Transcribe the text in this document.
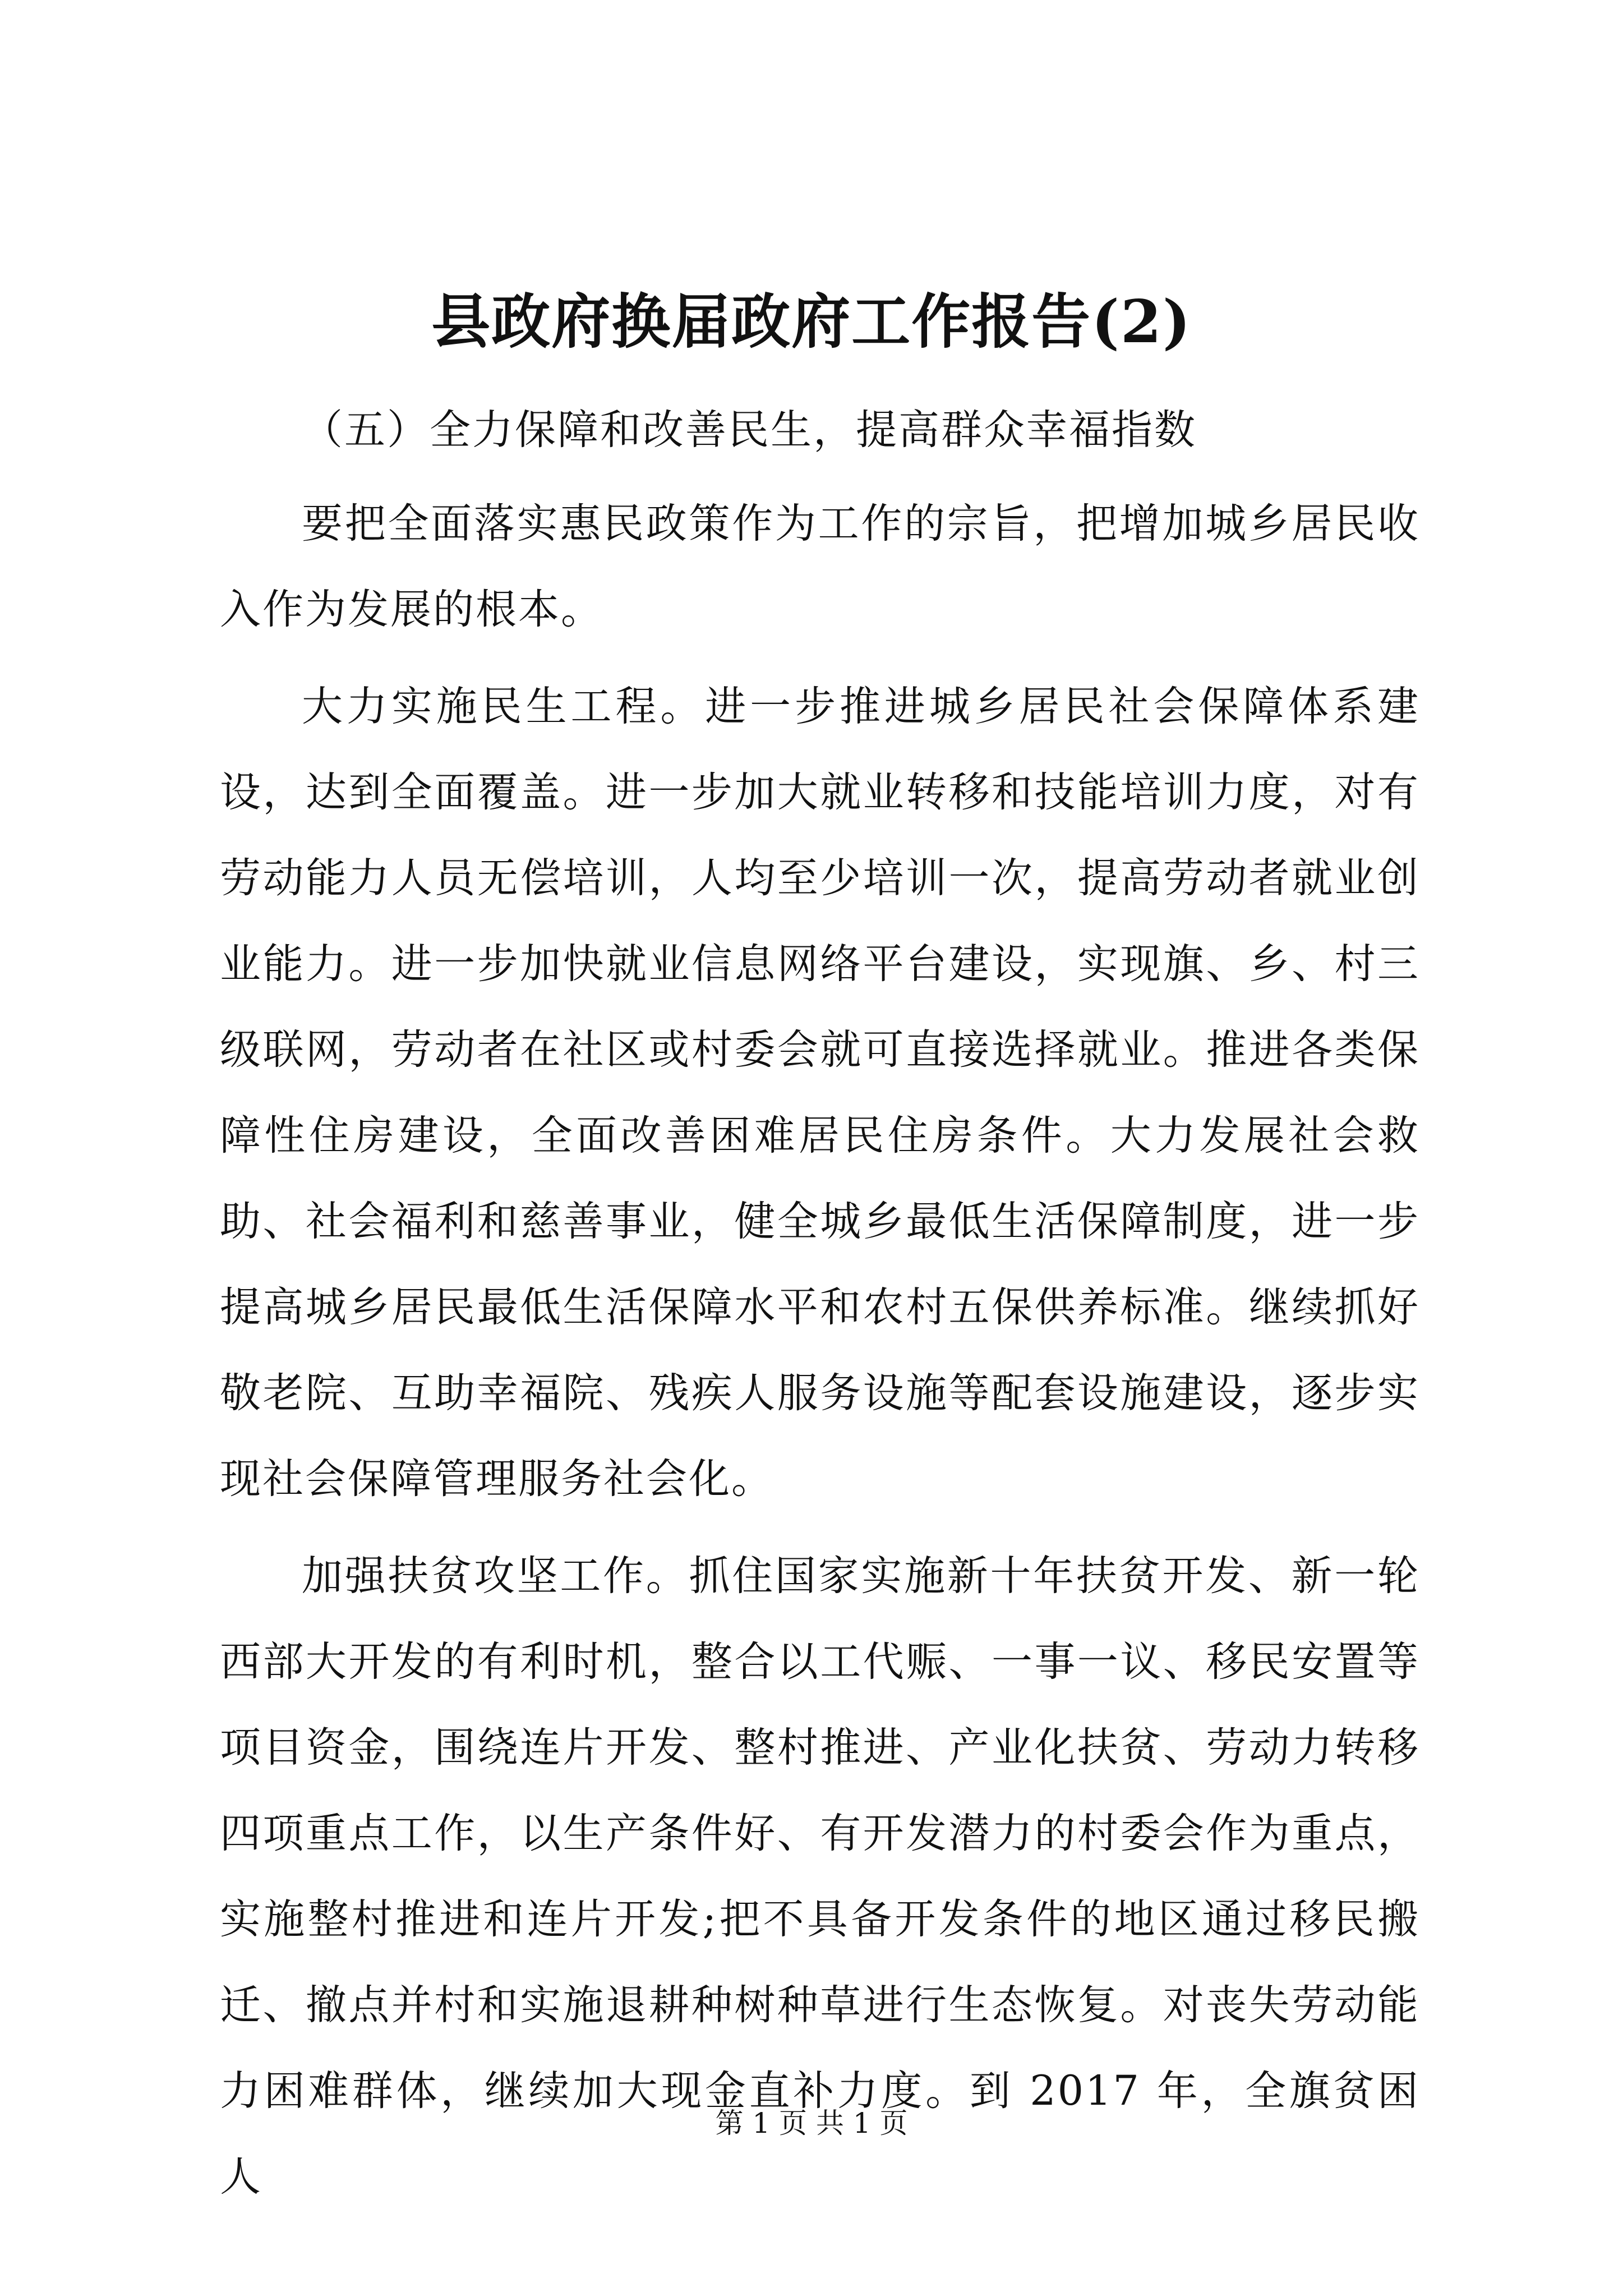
县政府换届政府工作报告(2)

（五）全力保障和改善民生，提高群众幸福指数

要把全面落实惠民政策作为工作的宗旨，把增加城乡居民收入作为发展的根本。

大力实施民生工程。进一步推进城乡居民社会保障体系建设，达到全面覆盖。进一步加大就业转移和技能培训力度，对有劳动能力人员无偿培训，人均至少培训一次，提高劳动者就业创业能力。进一步加快就业信息网络平台建设，实现旗、乡、村三级联网，劳动者在社区或村委会就可直接选择就业。推进各类保障性住房建设，全面改善困难居民住房条件。大力发展社会救助、社会福利和慈善事业，健全城乡最低生活保障制度，进一步提高城乡居民最低生活保障水平和农村五保供养标准。继续抓好敬老院、互助幸福院、残疾人服务设施等配套设施建设，逐步实现社会保障管理服务社会化。

加强扶贫攻坚工作。抓住国家实施新十年扶贫开发、新一轮西部大开发的有利时机，整合以工代赈、一事一议、移民安置等项目资金，围绕连片开发、整村推进、产业化扶贫、劳动力转移四项重点工作，以生产条件好、有开发潜力的村委会作为重点，实施整村推进和连片开发;把不具备开发条件的地区通过移民搬迁、撤点并村和实施退耕种树种草进行生态恢复。对丧失劳动能力困难群体，继续加大现金直补力度。到 2017 年，全旗贫困人

第 1 页 共 1 页
